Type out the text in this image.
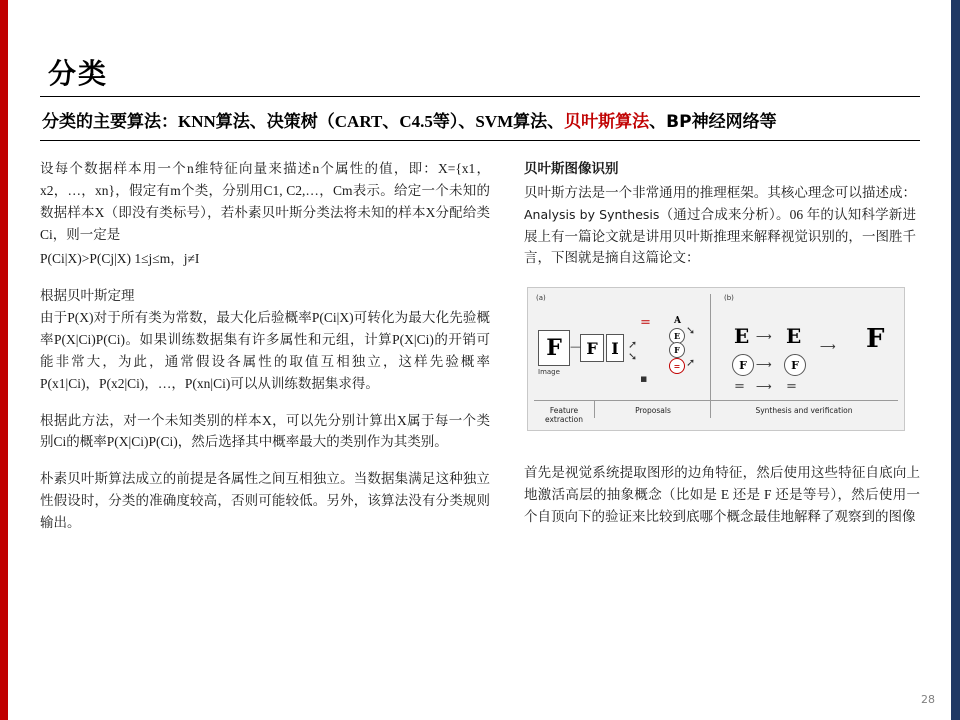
分类
分类的主要算法：KNN算法、决策树（CART、C4.5等）、SVM算法、贝叶斯算法、BP神经网络等

设每个数据样本用一个n维特征向量来描述n个属性的值，即：X={x1，x2，…，xn}，假定有m个类，分别用C1, C2,…，Cm表示。给定一个未知的数据样本X（即没有类标号），若朴素贝叶斯分类法将未知的样本X分配给类Ci，则一定是

P(Ci|X)>P(Cj|X) 1≤j≤m，j≠I

根据贝叶斯定理

由于P(X)对于所有类为常数，最大化后验概率P(Ci|X)可转化为最大化先验概率P(X|Ci)P(Ci)。如果训练数据集有许多属性和元组，计算P(X|Ci)的开销可能非常大，为此，通常假设各属性的取值互相独立，这样先验概率P(x1|Ci)，P(x2|Ci)，…，P(xn|Ci)可以从训练数据集求得。

根据此方法，对一个未知类别的样本X，可以先分别计算出X属于每一个类别Ci的概率P(X|Ci)P(Ci)，然后选择其中概率最大的类别作为其类别。

朴素贝叶斯算法成立的前提是各属性之间互相独立。当数据集满足这种独立性假设时，分类的准确度较高，否则可能较低。另外，该算法没有分类规则输出。

贝叶斯图像识别

贝叶斯方法是一个非常通用的推理框架。其核心理念可以描述成：Analysis by Synthesis（通过合成来分析）。06 年的认知科学新进展上有一篇论文就是讲用贝叶斯推理来解释视觉识别的，一图胜千言，下图就是摘自这篇论文：

(a)	(b)
F	F I
—
Image
＝
▪
A
E
F
=
➚
➘
➘
➚
E ⟶ E
F ⟶	F
F
⟶
＝ ⟶ ＝
Feature extraction
Proposals	Synthesis and verification
首先是视觉系统提取图形的边角特征，然后使用这些特征自底向上地激活高层的抽象概念（比如是 E 还是 F 还是等号），然后使用一个自顶向下的验证来比较到底哪个概念最佳地解释了观察到的图像
28
